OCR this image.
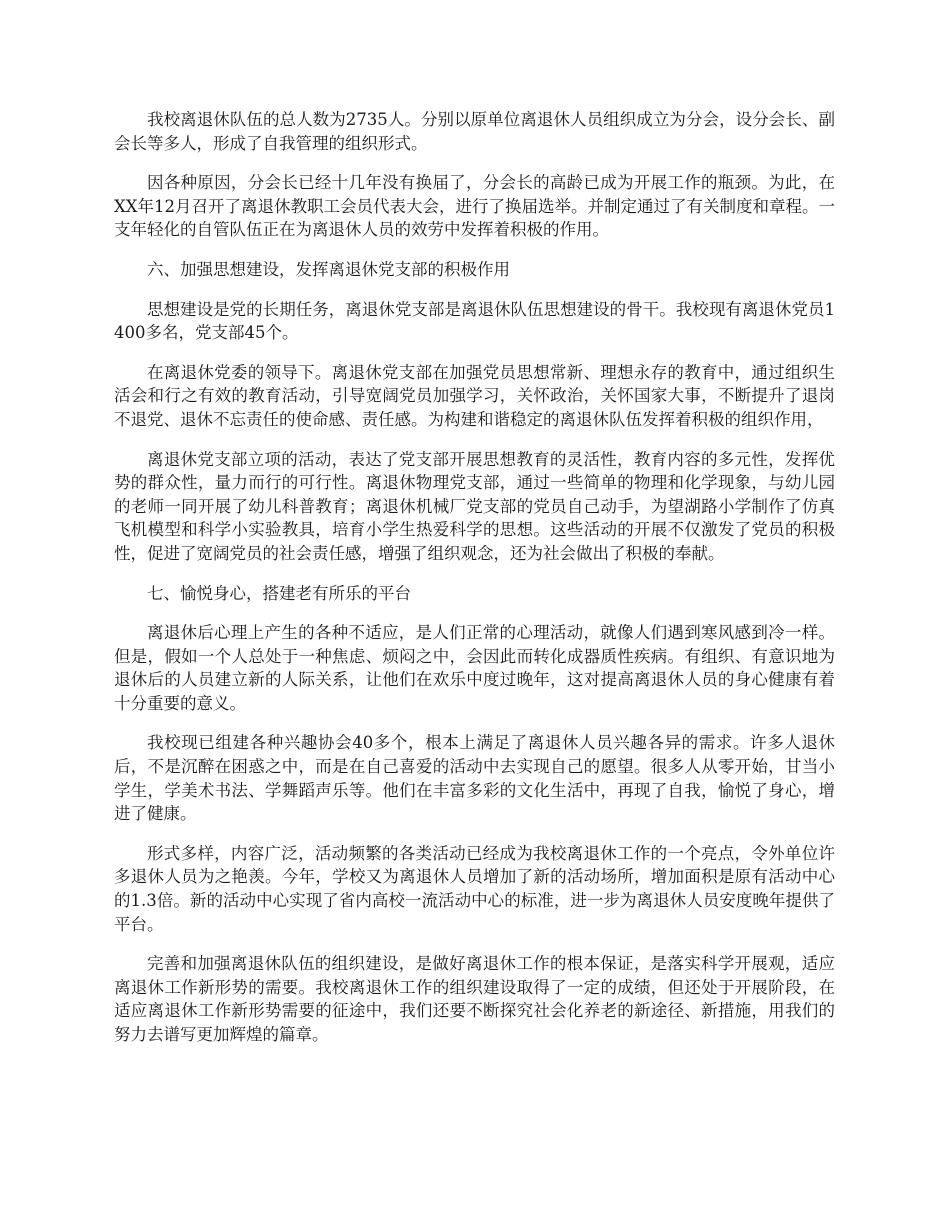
我校离退休队伍的总人数为2735人。分别以原单位离退休人员组织成立为分会，设分会长、副会长等多人，形成了自我管理的组织形式。

因各种原因，分会长已经十几年没有换届了，分会长的高龄已成为开展工作的瓶颈。为此，在XX年12月召开了离退休教职工会员代表大会，进行了换届选举。并制定通过了有关制度和章程。一支年轻化的自管队伍正在为离退休人员的效劳中发挥着积极的作用。

六、加强思想建设，发挥离退休党支部的积极作用

思想建设是党的长期任务，离退休党支部是离退休队伍思想建设的骨干。我校现有离退休党员1400多名，党支部45个。

在离退休党委的领导下。离退休党支部在加强党员思想常新、理想永存的教育中，通过组织生活会和行之有效的教育活动，引导宽阔党员加强学习，关怀政治，关怀国家大事，不断提升了退岗不退党、退休不忘责任的使命感、责任感。为构建和谐稳定的离退休队伍发挥着积极的组织作用，

离退休党支部立项的活动，表达了党支部开展思想教育的灵活性，教育内容的多元性，发挥优势的群众性，量力而行的可行性。离退休物理党支部，通过一些简单的物理和化学现象，与幼儿园的老师一同开展了幼儿科普教育；离退休机械厂党支部的党员自己动手，为望湖路小学制作了仿真飞机模型和科学小实验教具，培育小学生热爱科学的思想。这些活动的开展不仅激发了党员的积极性，促进了宽阔党员的社会责任感，增强了组织观念，还为社会做出了积极的奉献。

七、愉悦身心，搭建老有所乐的平台

离退休后心理上产生的各种不适应，是人们正常的心理活动，就像人们遇到寒风感到冷一样。但是，假如一个人总处于一种焦虑、烦闷之中，会因此而转化成器质性疾病。有组织、有意识地为退休后的人员建立新的人际关系，让他们在欢乐中度过晚年，这对提高离退休人员的身心健康有着十分重要的意义。

我校现已组建各种兴趣协会40多个，根本上满足了离退休人员兴趣各异的需求。许多人退休后，不是沉醉在困惑之中，而是在自己喜爱的活动中去实现自己的愿望。很多人从零开始，甘当小学生，学美术书法、学舞蹈声乐等。他们在丰富多彩的文化生活中，再现了自我，愉悦了身心，增进了健康。

形式多样，内容广泛，活动频繁的各类活动已经成为我校离退休工作的一个亮点，令外单位许多退休人员为之艳羡。今年，学校又为离退休人员增加了新的活动场所，增加面积是原有活动中心的1.3倍。新的活动中心实现了省内高校一流活动中心的标准，进一步为离退休人员安度晚年提供了平台。

完善和加强离退休队伍的组织建设，是做好离退休工作的根本保证，是落实科学开展观，适应离退休工作新形势的需要。我校离退休工作的组织建设取得了一定的成绩，但还处于开展阶段，在适应离退休工作新形势需要的征途中，我们还要不断探究社会化养老的新途径、新措施，用我们的努力去谱写更加辉煌的篇章。
